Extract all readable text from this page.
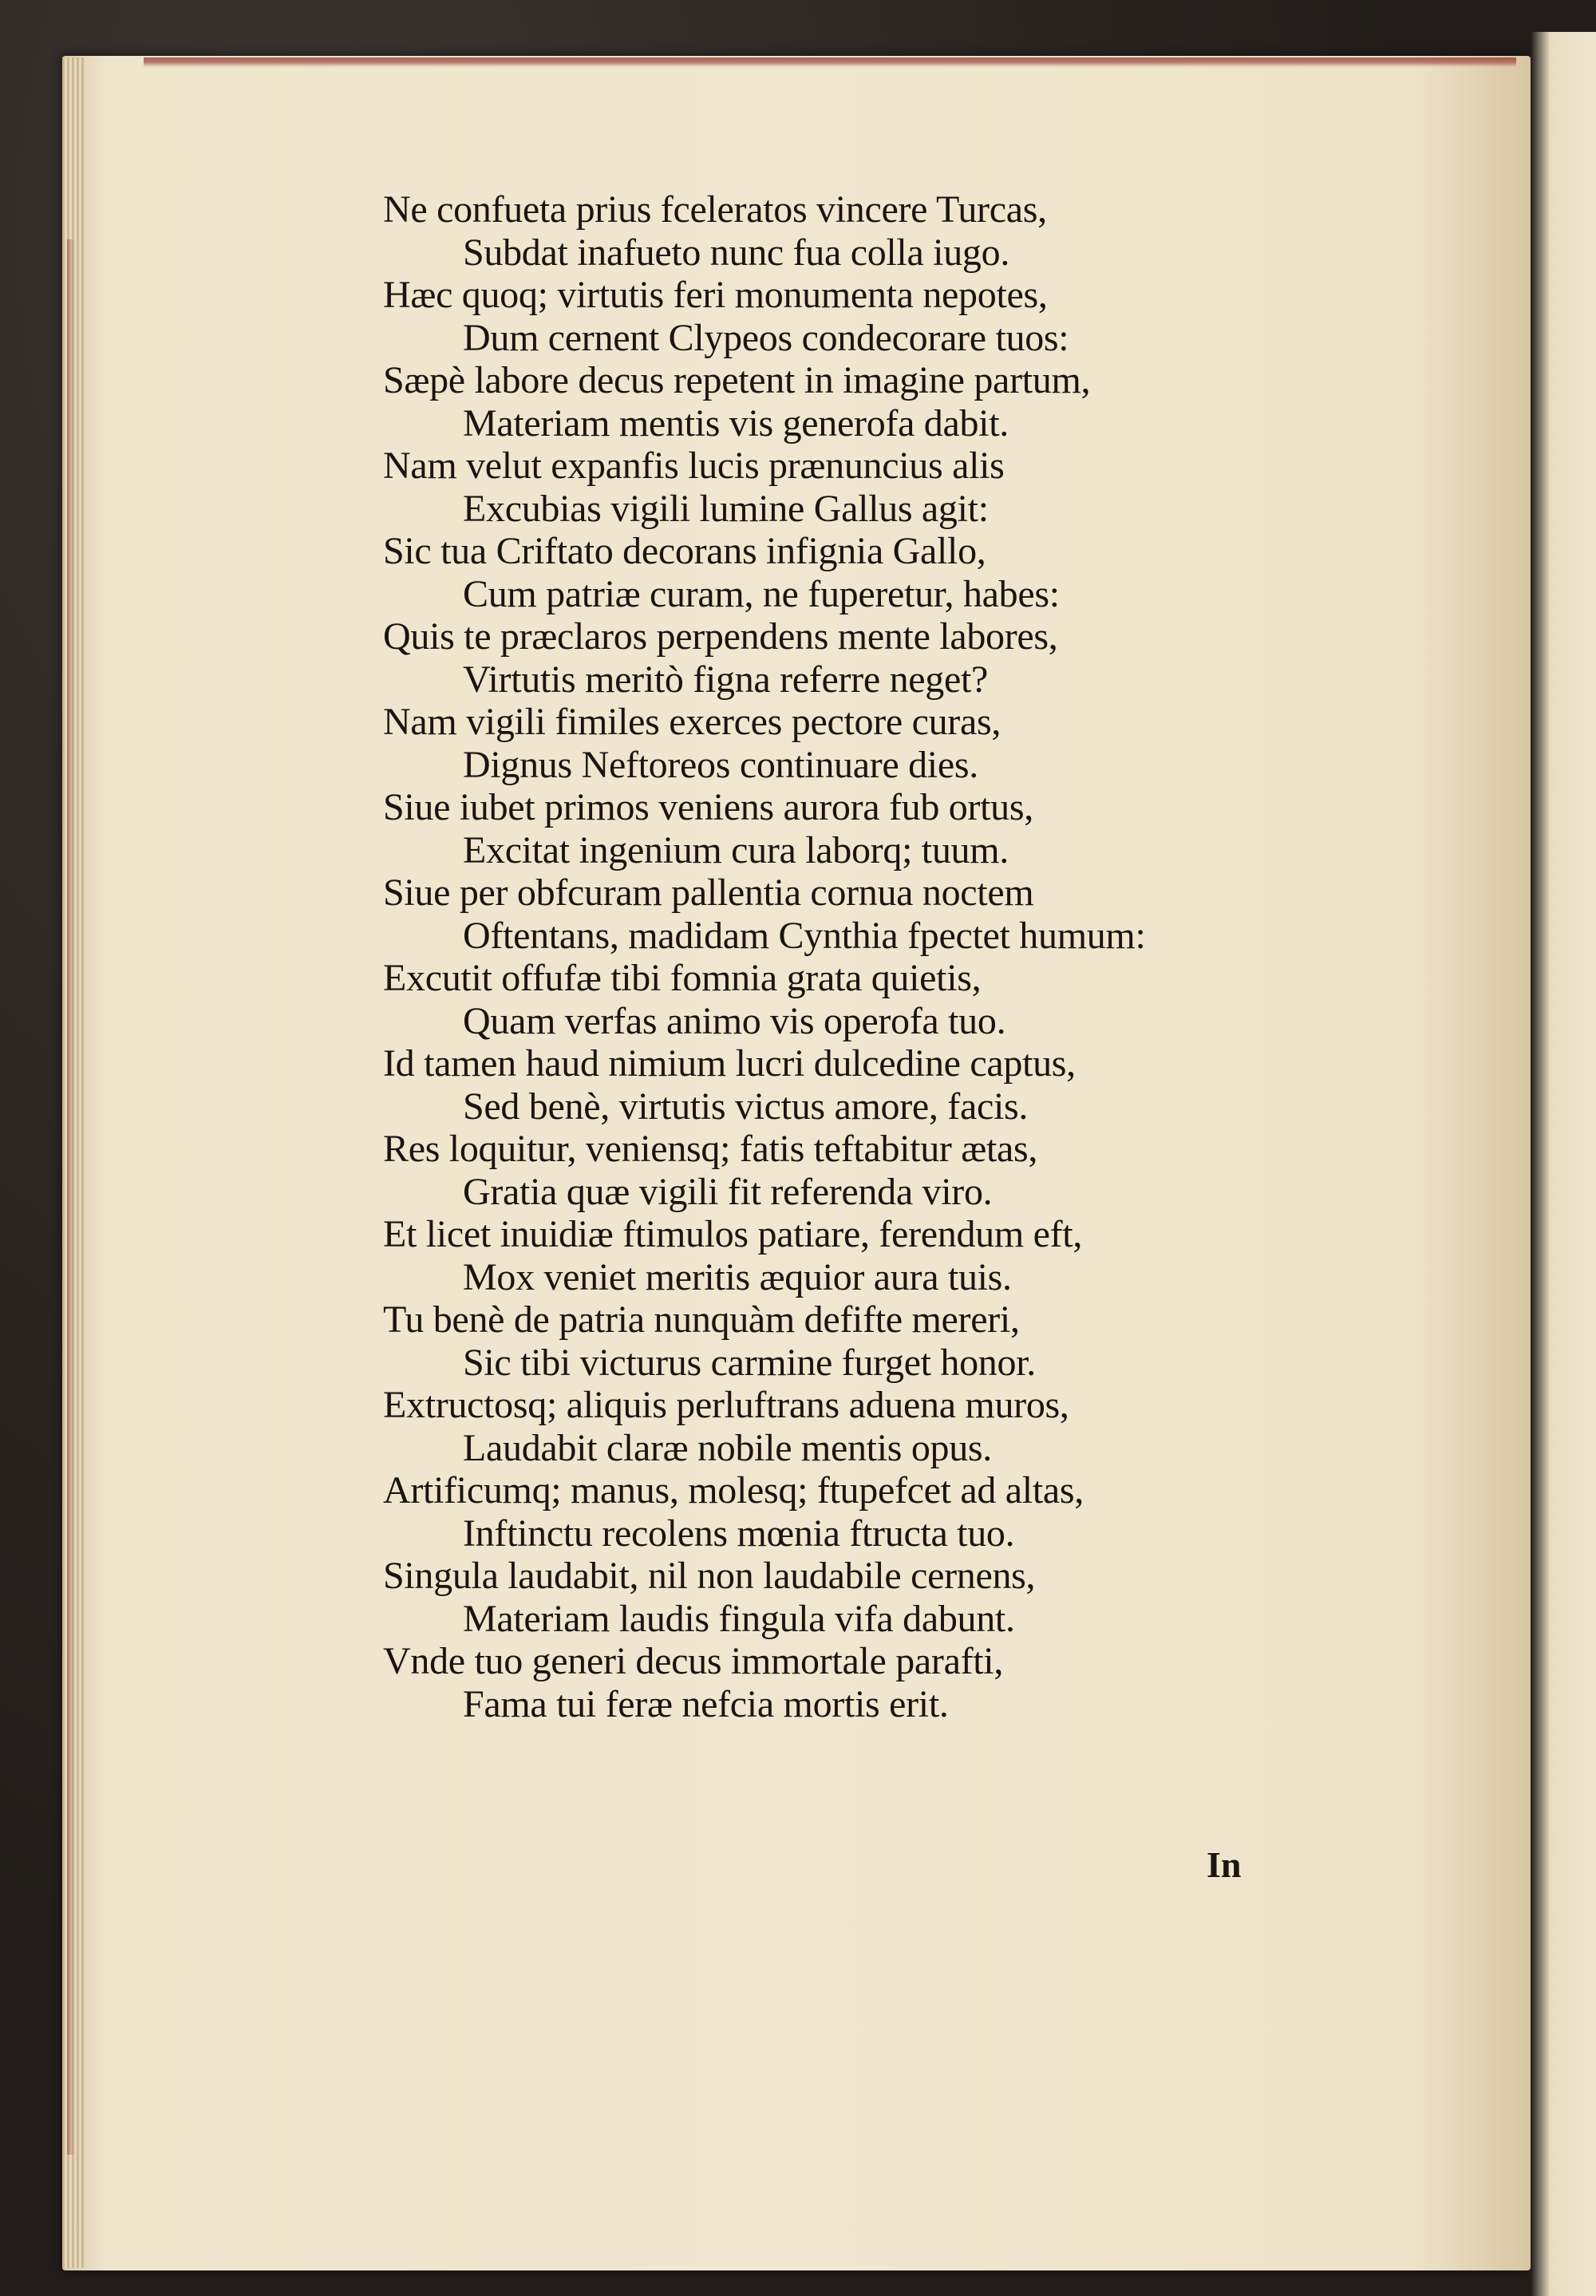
Ne confueta prius fceleratos vincere Turcas,
Subdat inafueto nunc fua colla iugo.
Hæc quoq; virtutis feri monumenta nepotes,
Dum cernent Clypeos condecorare tuos:
Sæpè labore decus repetent in imagine partum,
Materiam mentis vis generofa dabit.
Nam velut expanfis lucis prænuncius alis
Excubias vigili lumine Gallus agit:
Sic tua Criftato decorans infignia Gallo,
Cum patriæ curam, ne fuperetur, habes:
Quis te præclaros perpendens mente labores,
Virtutis meritò figna referre neget?
Nam vigili fimiles exerces pectore curas,
Dignus Neftoreos continuare dies.
Siue iubet primos veniens aurora fub ortus,
Excitat ingenium cura laborq; tuum.
Siue per obfcuram pallentia cornua noctem
Oftentans, madidam Cynthia fpectet humum:
Excutit offufæ tibi fomnia grata quietis,
Quam verfas animo vis operofa tuo.
Id tamen haud nimium lucri dulcedine captus,
Sed benè, virtutis victus amore, facis.
Res loquitur, veniensq; fatis teftabitur ætas,
Gratia quæ vigili fit referenda viro.
Et licet inuidiæ ftimulos patiare, ferendum eft,
Mox veniet meritis æquior aura tuis.
Tu benè de patria nunquàm defifte mereri,
Sic tibi victurus carmine furget honor.
Extructosq; aliquis perluftrans aduena muros,
Laudabit claræ nobile mentis opus.
Artificumq; manus, molesq; ftupefcet ad altas,
Inftinctu recolens mœnia ftructa tuo.
Singula laudabit, nil non laudabile cernens,
Materiam laudis fingula vifa dabunt.
Vnde tuo generi decus immortale parafti,
Fama tui feræ nefcia mortis erit.
In
